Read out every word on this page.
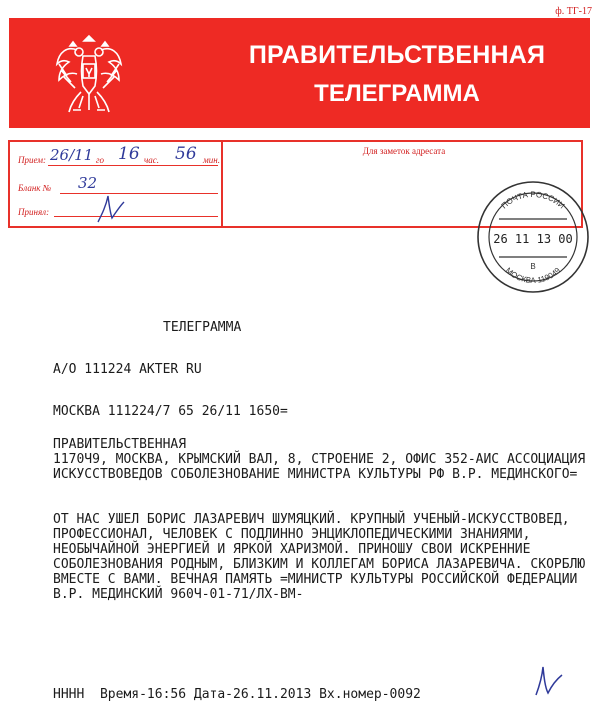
ф. ТГ-17
ПРАВИТЕЛЬСТВЕННАЯ
ТЕЛЕГРАММА
Прием: 26/11 го 16 час. 56 мин.
Бланк № 32
Принял:
Для заметок адресата
ПОЧТА РОССИИ
26 11 13 00
В
МОСКВА 119049
ТЕЛЕГРАММА
А/О 111224 AKTER RU
МОСКВА 111224/7 65 26/11 1650=
ПРАВИТЕЛЬСТВЕННАЯ
1170Ч9, МОСКВА, КРЫМСКИЙ ВАЛ, 8, СТРОЕНИЕ 2, ОФИС 352-АИС АССОЦИАЦИЯ
ИСКУССТВОВЕДОВ СОБОЛЕЗНОВАНИЕ МИНИСТРА КУЛЬТУРЫ РФ В.Р. МЕДИНСКОГО=
ОТ НАС УШЕЛ БОРИС ЛАЗАРЕВИЧ ШУМЯЦКИЙ. КРУПНЫЙ УЧЕНЫЙ-ИСКУССТВОВЕД,
ПРОФЕССИОНАЛ, ЧЕЛОВЕК С ПОДЛИННО ЭНЦИКЛОПЕДИЧЕСКИМИ ЗНАНИЯМИ,
НЕОБЫЧАЙНОЙ ЭНЕРГИЕЙ И ЯРКОЙ ХАРИЗМОЙ. ПРИНОШУ СВОИ ИСКРЕННИЕ
СОБОЛЕЗНОВАНИЯ РОДНЫМ, БЛИЗКИМ И КОЛЛЕГАМ БОРИСА ЛАЗАРЕВИЧА. СКОРБЛЮ
ВМЕСТЕ С ВАМИ. ВЕЧНАЯ ПАМЯТЬ =МИНИСТР КУЛЬТУРЫ РОССИЙСКОЙ ФЕДЕРАЦИИ
В.Р. МЕДИНСКИЙ 960Ч-01-71/ЛХ-ВМ-
НННН  Время-16:56 Дата-26.11.2013 Вх.номер-0092
